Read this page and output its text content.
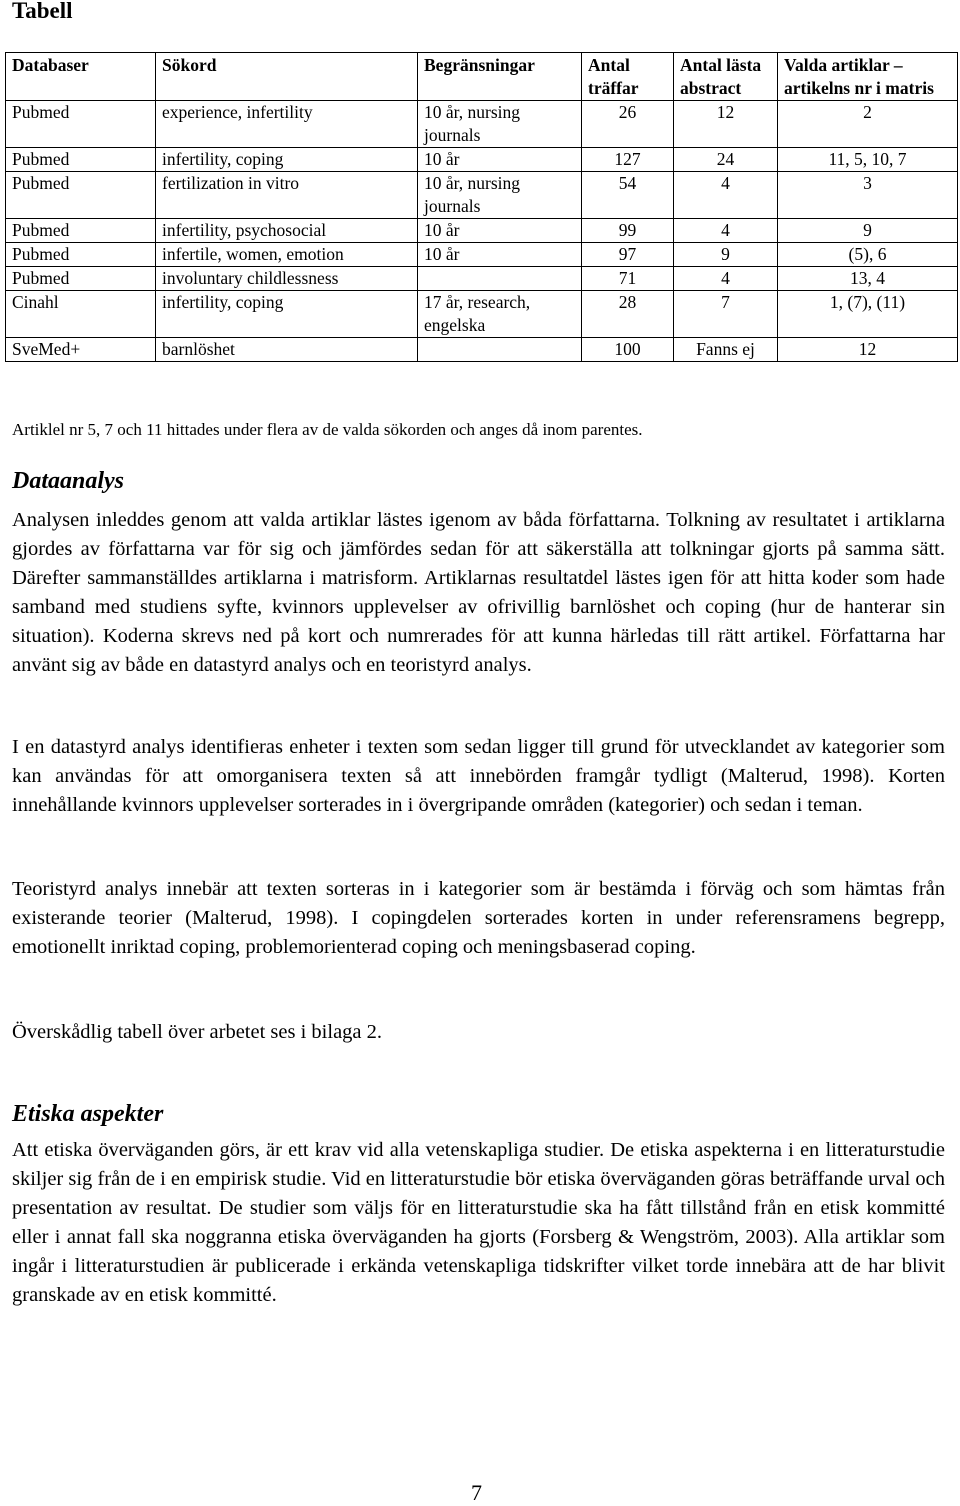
Tabell
Databaser	Sökord	Begränsningar	Antal träffar	Antal lästa abstract	Valda artiklar – artikelns nr i matris
Pubmed	experience, infertility	10 år, nursing journals	26	12	2
Pubmed	infertility, coping	10 år	127	24	11, 5, 10, 7
Pubmed	fertilization in vitro	10 år, nursing journals	54	4	3
Pubmed	infertility, psychosocial	10 år	99	4	9
Pubmed	infertile, women, emotion	10 år	97	9	(5), 6
Pubmed	involuntary childlessness		71	4	13, 4
Cinahl	infertility, coping	17 år, research, engelska	28	7	1, (7), (11)
SveMed+	barnlöshet		100	Fanns ej	12
Artiklel nr 5, 7 och 11 hittades under flera av de valda sökorden och anges då inom parentes.
Dataanalys

Analysen inleddes genom att valda artiklar lästes igenom av båda författarna. Tolkning av resultatet i artiklarna gjordes av författarna var för sig och jämfördes sedan för att säkerställa att tolkningar gjorts på samma sätt. Därefter sammanställdes artiklarna i matrisform. Artiklarnas resultatdel lästes igen för att hitta koder som hade samband med studiens syfte, kvinnors upplevelser av ofrivillig barnlöshet och coping (hur de hanterar sin situation). Koderna skrevs ned på kort och numrerades för att kunna härledas till rätt artikel. Författarna har använt sig av både en datastyrd analys och en teoristyrd analys.

I en datastyrd analys identifieras enheter i texten som sedan ligger till grund för utvecklandet av kategorier som kan användas för att omorganisera texten så att innebörden framgår tydligt (Malterud, 1998). Korten innehållande kvinnors upplevelser sorterades in i övergripande områden (kategorier) och sedan i teman.

Teoristyrd analys innebär att texten sorteras in i kategorier som är bestämda i förväg och som hämtas från existerande teorier (Malterud, 1998). I copingdelen sorterades korten in under referensramens begrepp, emotionellt inriktad coping, problemorienterad coping och meningsbaserad coping.

Överskådlig tabell över arbetet ses i bilaga 2.

Etiska aspekter

Att etiska överväganden görs, är ett krav vid alla vetenskapliga studier. De etiska aspekterna i en litteraturstudie skiljer sig från de i en empirisk studie. Vid en litteraturstudie bör etiska överväganden göras beträffande urval och presentation av resultat. De studier som väljs för en litteraturstudie ska ha fått tillstånd från en etisk kommitté eller i annat fall ska noggranna etiska överväganden ha gjorts (Forsberg & Wengström, 2003). Alla artiklar som ingår i litteraturstudien är publicerade i erkända vetenskapliga tidskrifter vilket torde innebära att de har blivit granskade av en etisk kommitté.

7
